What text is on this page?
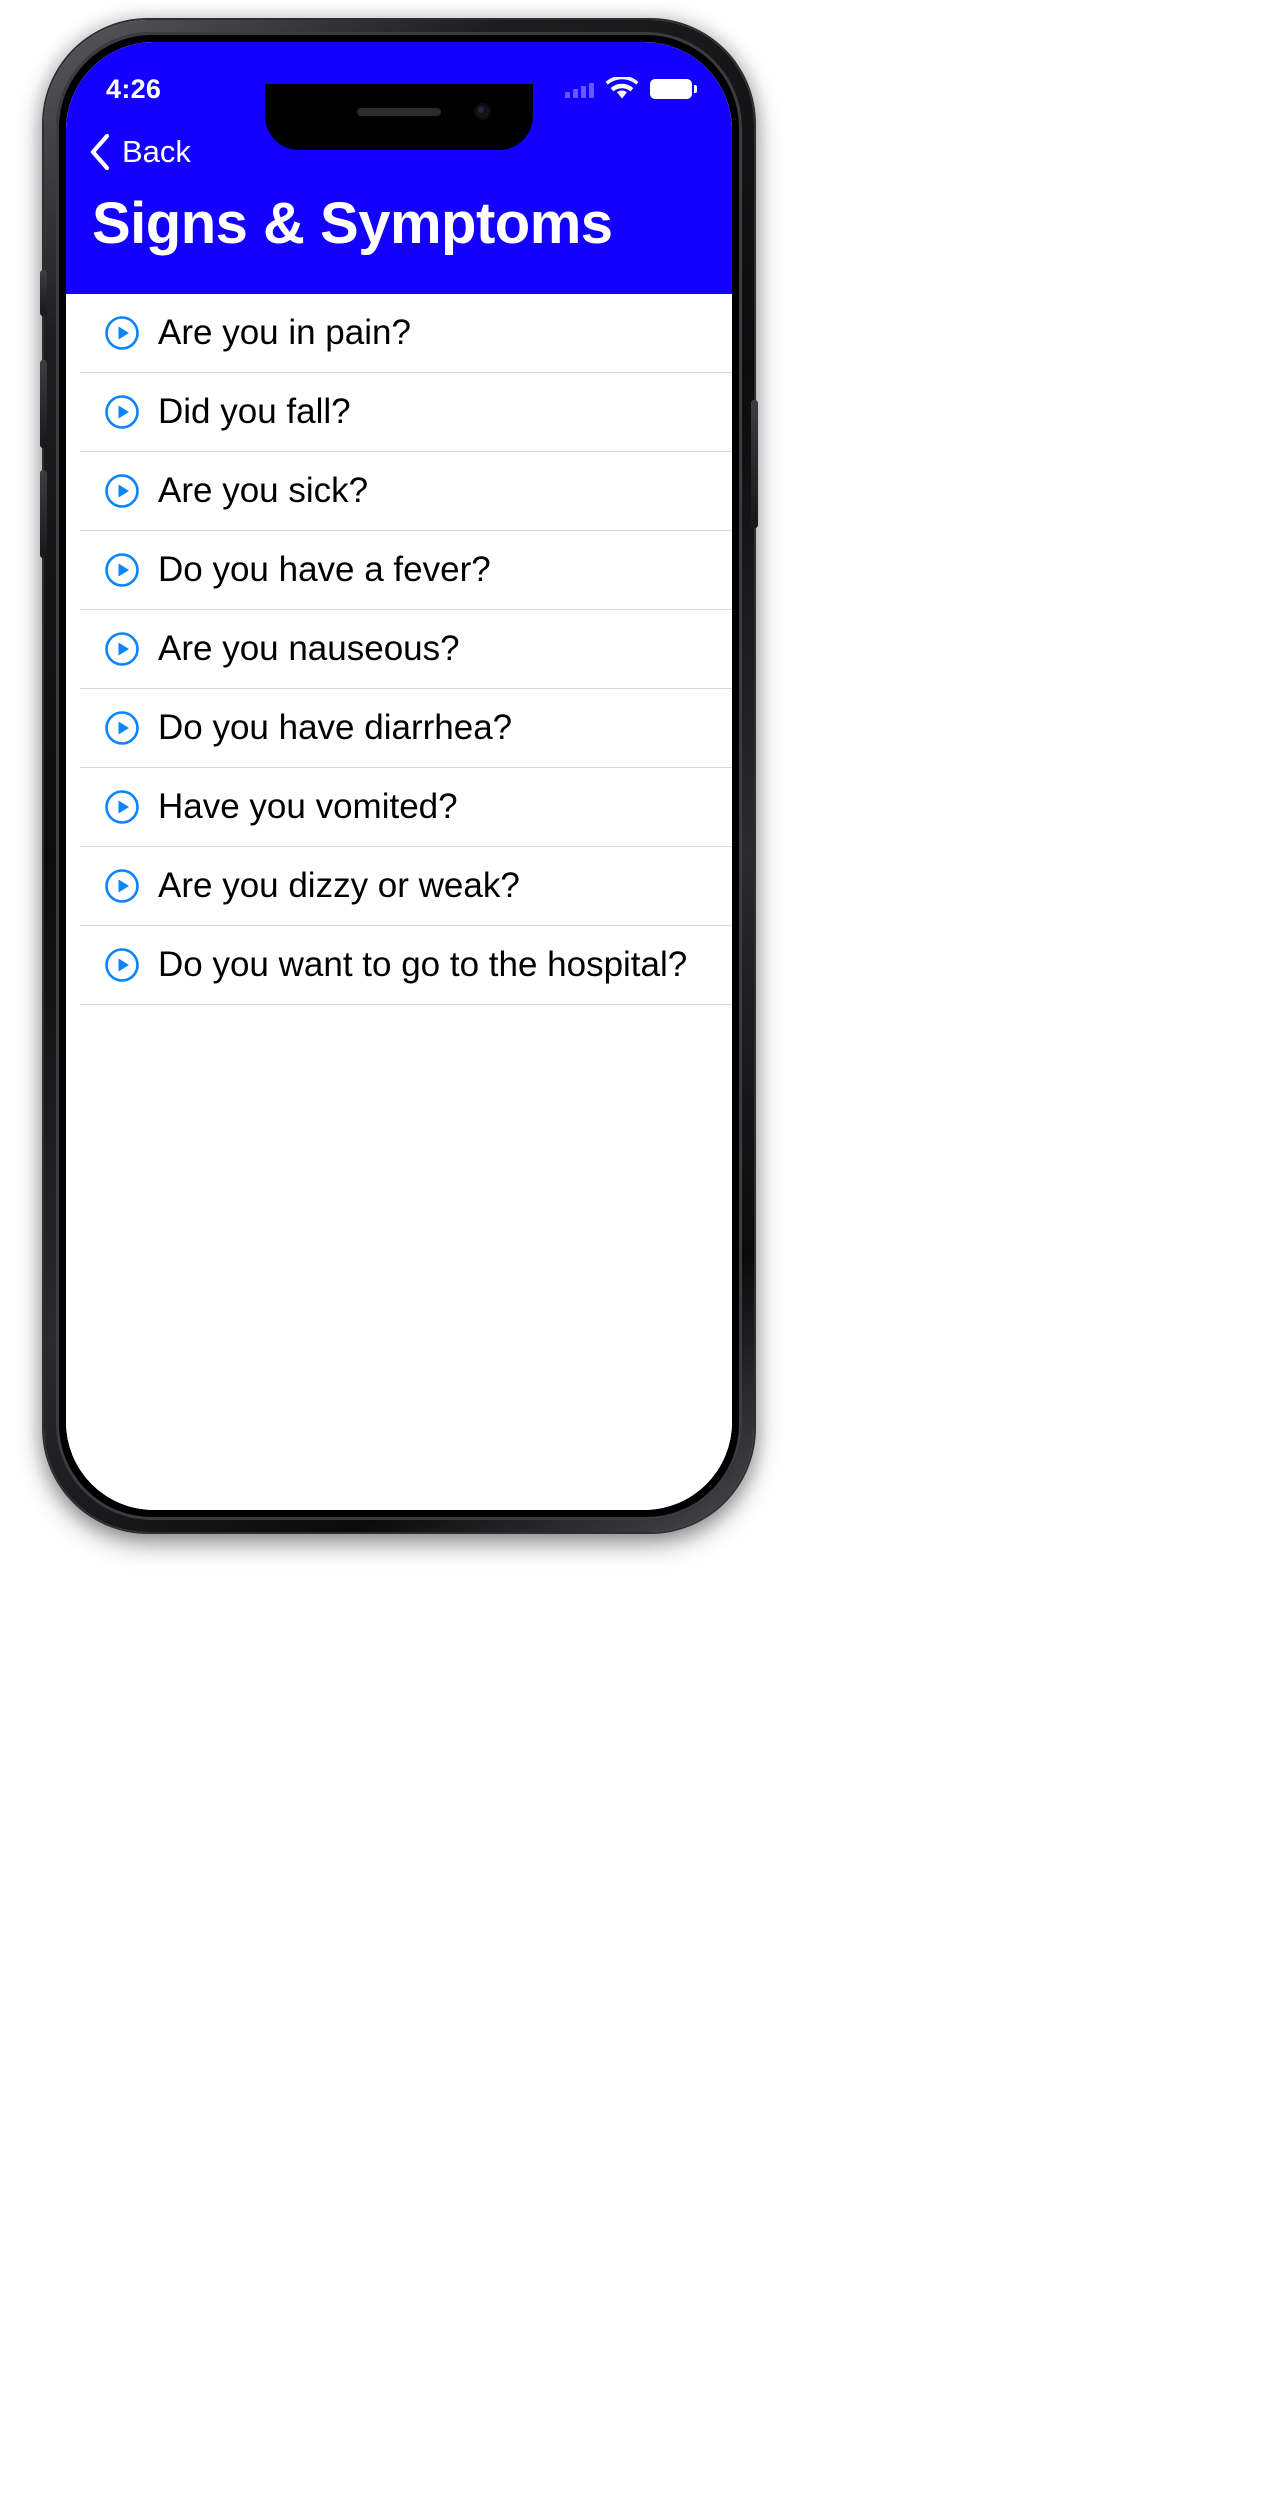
4:26
Back
Signs & Symptoms
Are you in pain?
Did you fall?
Are you sick?
Do you have a fever?
Are you nauseous?
Do you have diarrhea?
Have you vomited?
Are you dizzy or weak?
Do you want to go to the hospital?
